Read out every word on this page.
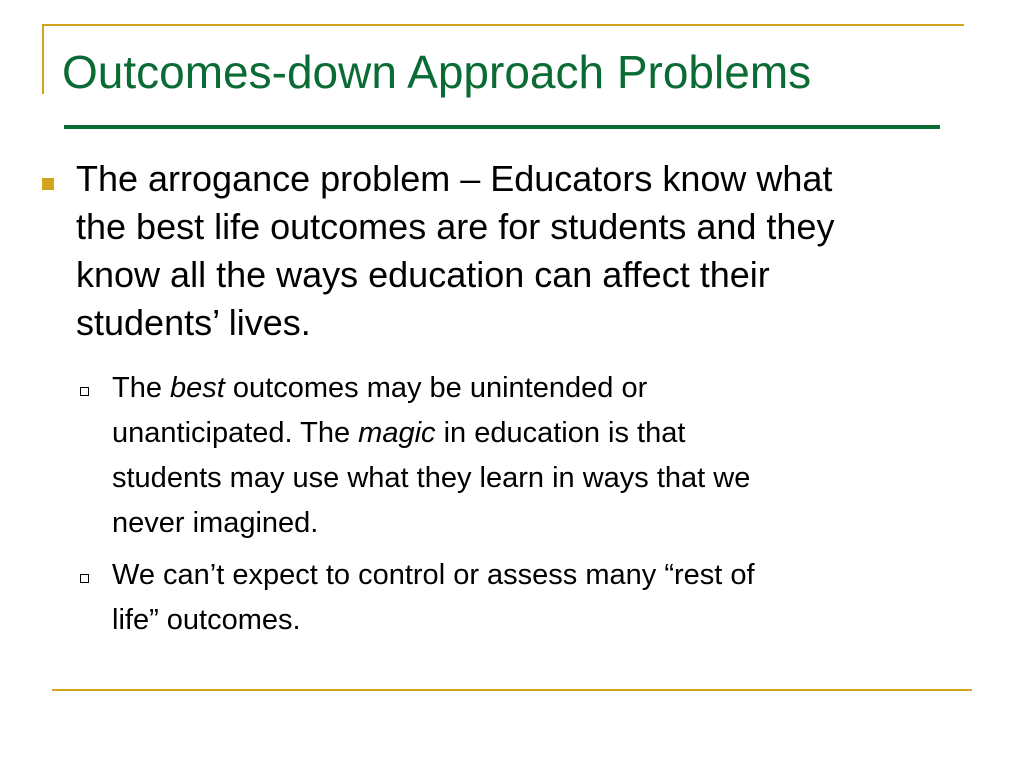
Outcomes-down Approach Problems
The arrogance problem – Educators know what
the best life outcomes are for students and they
know all the ways education can affect their
students’ lives.
The best outcomes may be unintended or
unanticipated. The magic in education is that
students may use what they learn in ways that we
never imagined.
We can’t expect to control or assess many “rest of
life” outcomes.
